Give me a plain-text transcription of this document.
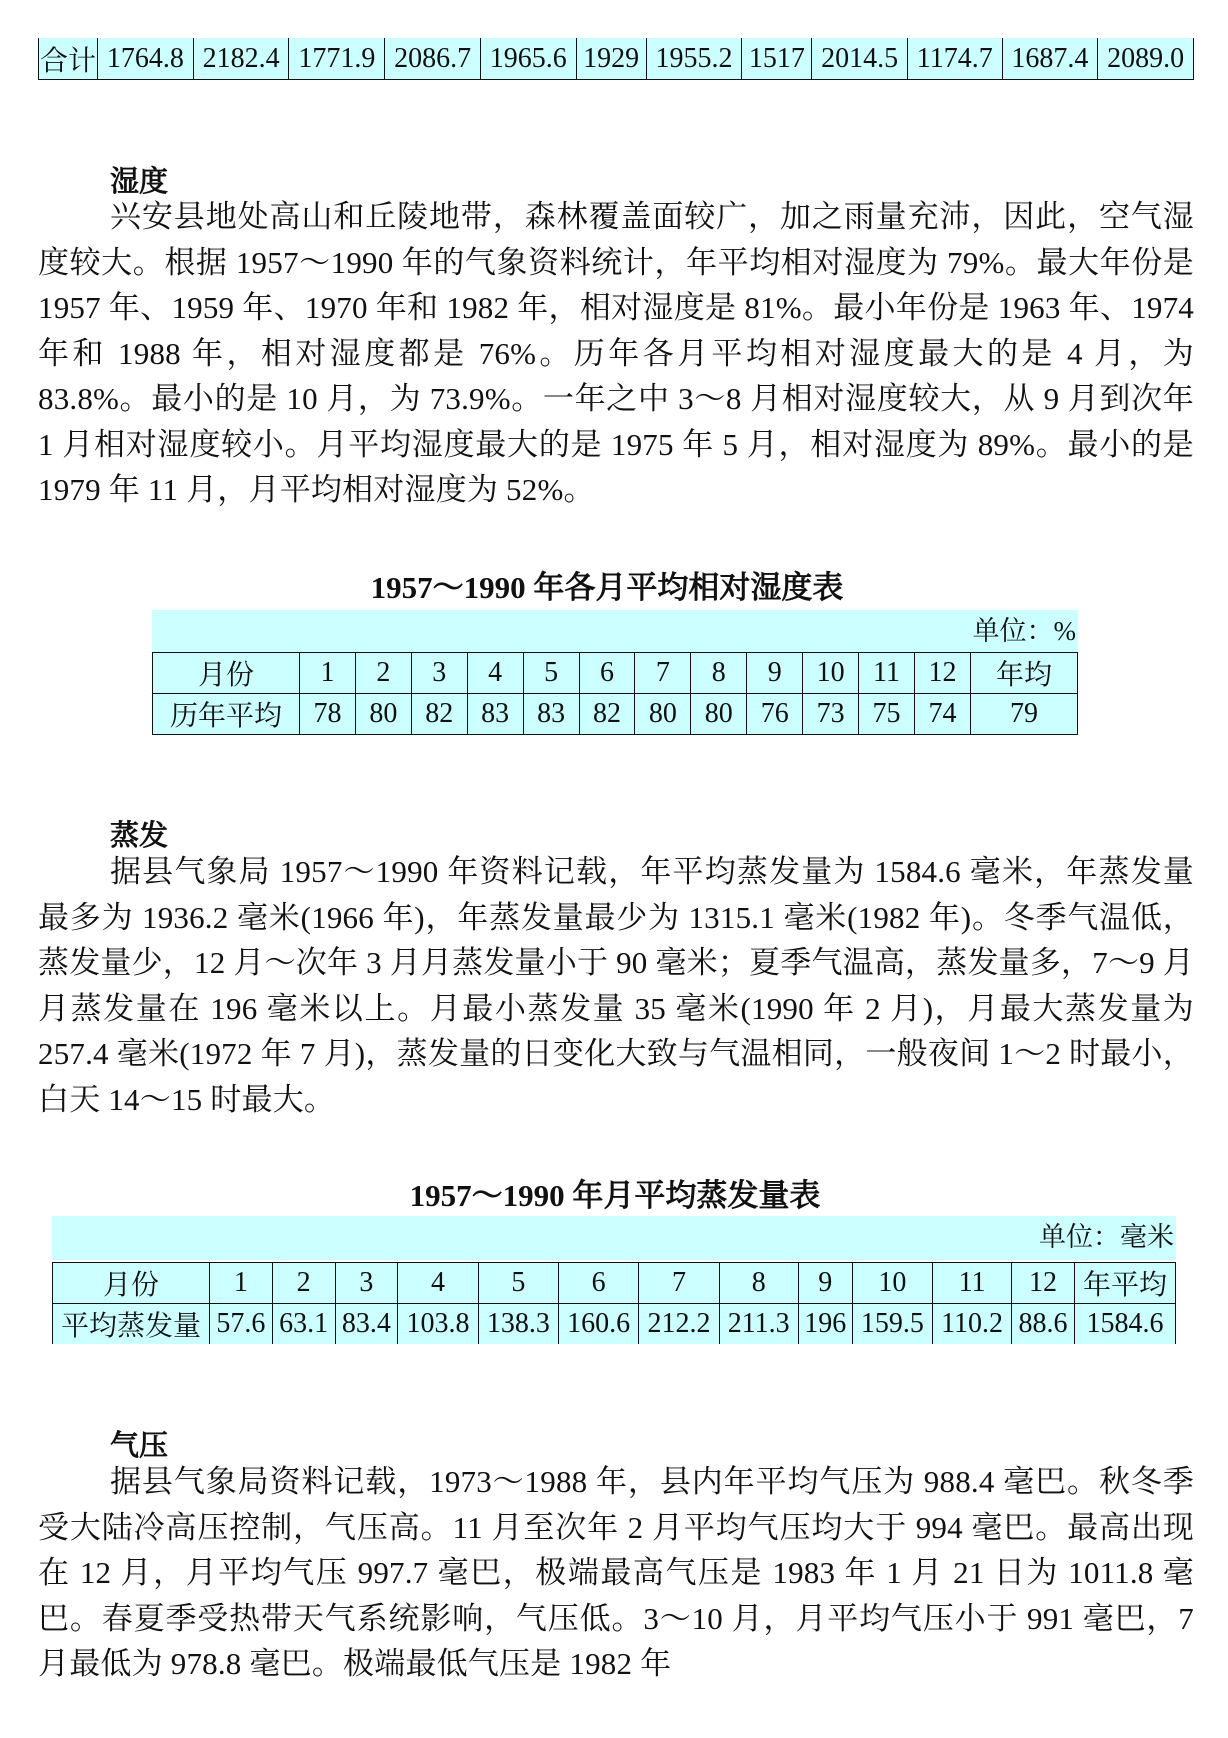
合计	1764.8	2182.4	1771.9	2086.7	1965.6	1929	1955.2	1517	2014.5	1174.7	1687.4	2089.0
湿度
兴安县地处高山和丘陵地带，森林覆盖面较广，加之雨量充沛，因此，空气湿度较大。根据 1957～1990 年的气象资料统计，年平均相对湿度为 79%。最大年份是 1957 年、1959 年、1970 年和 1982 年，相对湿度是 81%。最小年份是 1963 年、1974 年和 1988 年，相对湿度都是 76%。历年各月平均相对湿度最大的是 4 月，为 83.8%。最小的是 10 月，为 73.9%。一年之中 3～8 月相对湿度较大，从 9 月到次年 1 月相对湿度较小。月平均湿度最大的是 1975 年 5 月，相对湿度为 89%。最小的是 1979 年 11 月，月平均相对湿度为 52%。
1957～1990 年各月平均相对湿度表
单位：%
月份	1	2	3	4	5	6	7	8	9	10	11	12	年均
历年平均	78	80	82	83	83	82	80	80	76	73	75	74	79
蒸发
据县气象局 1957～1990 年资料记载，年平均蒸发量为 1584.6 毫米，年蒸发量最多为 1936.2 毫米(1966 年)，年蒸发量最少为 1315.1 毫米(1982 年)。冬季气温低，蒸发量少，12 月～次年 3 月月蒸发量小于 90 毫米；夏季气温高，蒸发量多，7～9 月月蒸发量在 196 毫米以上。月最小蒸发量 35 毫米(1990 年 2 月)，月最大蒸发量为 257.4 毫米(1972 年 7 月)，蒸发量的日变化大致与气温相同，一般夜间 1～2 时最小，白天 14～15 时最大。
1957～1990 年月平均蒸发量表
单位：毫米
月份	1	2	3	4	5	6	7	8	9	10	11	12	年平均
平均蒸发量	57.6	63.1	83.4	103.8	138.3	160.6	212.2	211.3	196	159.5	110.2	88.6	1584.6
气压
据县气象局资料记载，1973～1988 年，县内年平均气压为 988.4 毫巴。秋冬季受大陆冷高压控制，气压高。11 月至次年 2 月平均气压均大于 994 毫巴。最高出现在 12 月，月平均气压 997.7 毫巴，极端最高气压是 1983 年 1 月 21 日为 1011.8 毫巴。春夏季受热带天气系统影响，气压低。3～10 月，月平均气压小于 991 毫巴，7 月最低为 978.8 毫巴。极端最低气压是 1982 年
